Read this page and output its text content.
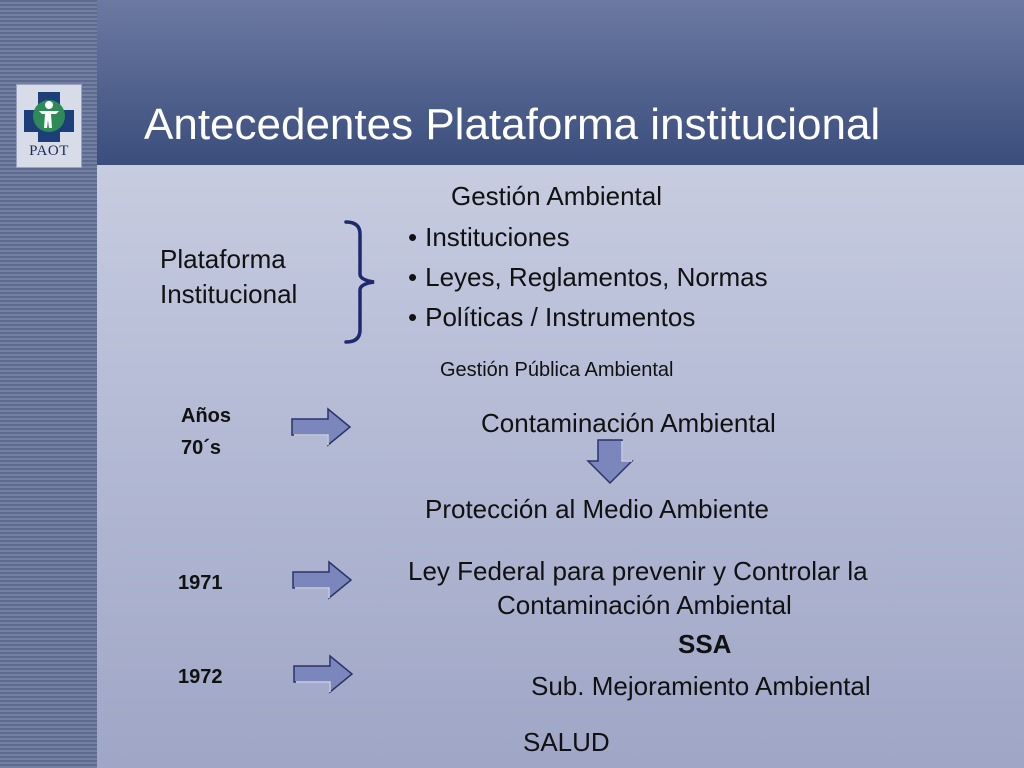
PAOT
Antecedentes Plataforma institucional
Gestión Ambiental
Plataforma
Institucional
• Instituciones
• Leyes, Reglamentos, Normas
• Políticas / Instrumentos
Gestión Pública Ambiental
Años
70´s
Contaminación Ambiental
Protección al Medio Ambiente
1971	Ley Federal para prevenir y Controlar la
Contaminación Ambiental
SSA
1972	Sub. Mejoramiento Ambiental
SALUD
